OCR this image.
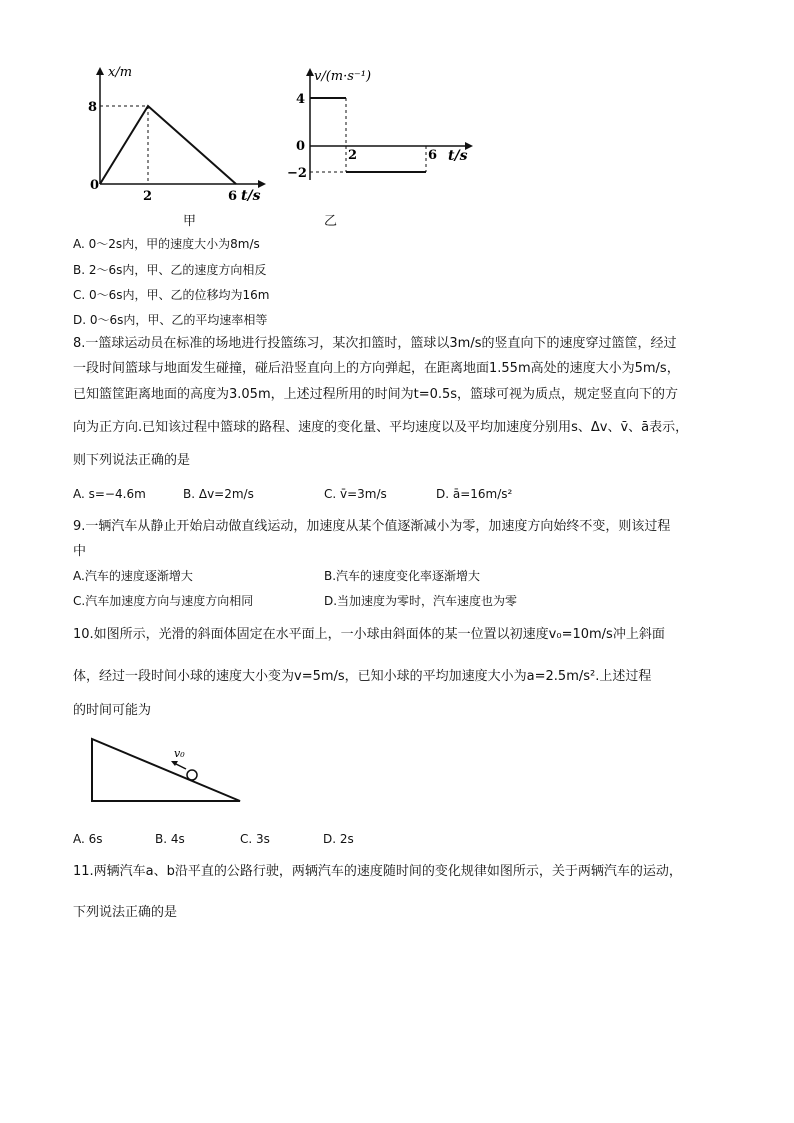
x/m
8
0
2	6 t/s
甲
v/(m·s⁻¹)
4
0
−2
2	6 t/s
乙
A. 0～2s内，甲的速度大小为8m/s
B. 2～6s内，甲、乙的速度方向相反
C. 0～6s内，甲、乙的位移均为16m
D. 0～6s内，甲、乙的平均速率相等
8.一篮球运动员在标准的场地进行投篮练习，某次扣篮时，篮球以3m/s的竖直向下的速度穿过篮筐，经过
一段时间篮球与地面发生碰撞，碰后沿竖直向上的方向弹起，在距离地面1.55m高处的速度大小为5m/s，
已知篮筐距离地面的高度为3.05m，上述过程所用的时间为t=0.5s，篮球可视为质点，规定竖直向下的方
向为正方向.已知该过程中篮球的路程、速度的变化量、平均速度以及平均加速度分别用s、Δv、v̄、ā表示，
则下列说法正确的是
A. s=−4.6m	B. Δv=2m/s	C. v̄=3m/s	D. ā=16m/s²
9.一辆汽车从静止开始启动做直线运动，加速度从某个值逐渐减小为零，加速度方向始终不变，则该过程
中
A.汽车的速度逐渐增大	B.汽车的速度变化率逐渐增大
C.汽车加速度方向与速度方向相同	D.当加速度为零时，汽车速度也为零
10.如图所示，光滑的斜面体固定在水平面上，一小球由斜面体的某一位置以初速度v₀=10m/s冲上斜面
体，经过一段时间小球的速度大小变为v=5m/s，已知小球的平均加速度大小为a=2.5m/s².上述过程
的时间可能为
v₀
A. 6s	B. 4s	C. 3s	D. 2s
11.两辆汽车a、b沿平直的公路行驶，两辆汽车的速度随时间的变化规律如图所示，关于两辆汽车的运动，
下列说法正确的是
